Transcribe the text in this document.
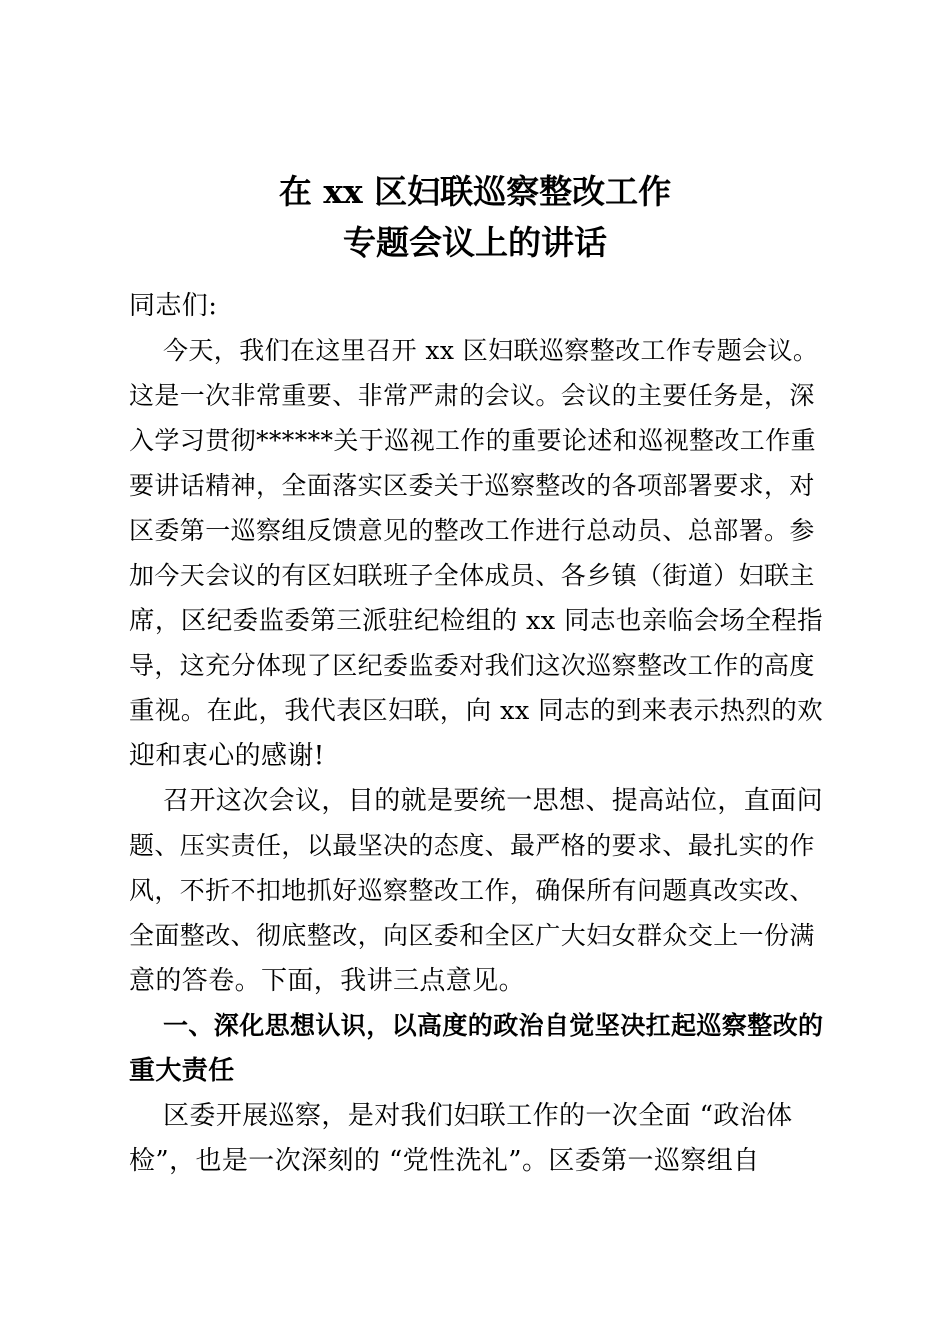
在 xx 区妇联巡察整改工作
专题会议上的讲话
同志们:
今天，我们在这里召开 xx 区妇联巡察整改工作专题会议。
这是一次非常重要、非常严肃的会议。会议的主要任务是，深
入学习贯彻******关于巡视工作的重要论述和巡视整改工作重
要讲话精神，全面落实区委关于巡察整改的各项部署要求，对
区委第一巡察组反馈意见的整改工作进行总动员、总部署。参
加今天会议的有区妇联班子全体成员、各乡镇（街道）妇联主
席，区纪委监委第三派驻纪检组的 xx 同志也亲临会场全程指
导，这充分体现了区纪委监委对我们这次巡察整改工作的高度
重视。在此，我代表区妇联，向 xx 同志的到来表示热烈的欢
迎和衷心的感谢!
召开这次会议，目的就是要统一思想、提高站位，直面问
题、压实责任，以最坚决的态度、最严格的要求、最扎实的作
风，不折不扣地抓好巡察整改工作，确保所有问题真改实改、
全面整改、彻底整改，向区委和全区广大妇女群众交上一份满
意的答卷。下面，我讲三点意见。
一、深化思想认识，以高度的政治自觉坚决扛起巡察整改的
重大责任
区委开展巡察，是对我们妇联工作的一次全面 “政治体
检”，也是一次深刻的 “党性洗礼”。区委第一巡察组自
